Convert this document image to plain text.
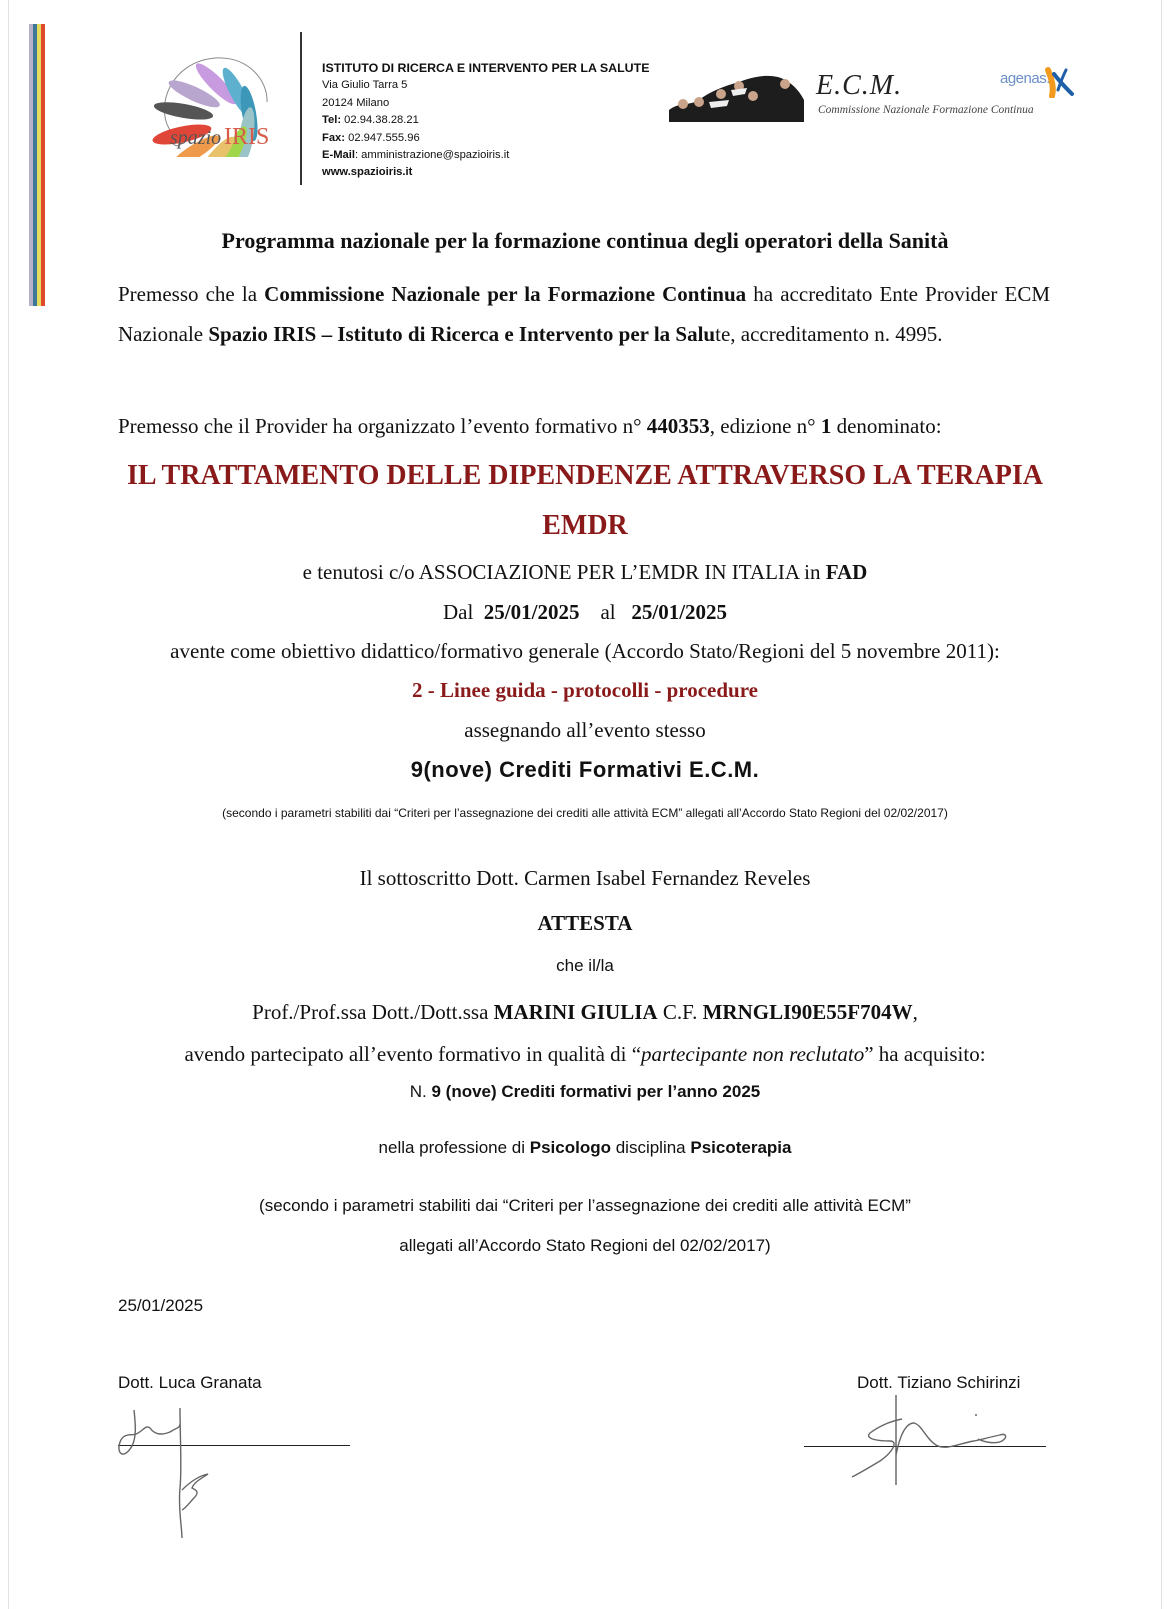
spazio IRIS
ISTITUTO DI RICERCA E INTERVENTO PER LA SALUTE
Via Giulio Tarra 5
20124 Milano
Tel: 02.94.38.28.21
Fax: 02.947.555.96
E-Mail: amministrazione@spazioiris.it
www.spazioiris.it
E.C.M.
Commissione Nazionale Formazione Continua
agenas.
Programma nazionale per la formazione continua degli operatori della Sanità
Premesso che la Commissione Nazionale per la Formazione Continua ha accreditato Ente Provider ECM Nazionale Spazio IRIS – Istituto di Ricerca e Intervento per la Salute, accreditamento n. 4995.
Premesso che il Provider ha organizzato l’evento formativo n° 440353, edizione n° 1 denominato:
IL TRATTAMENTO DELLE DIPENDENZE ATTRAVERSO LA TERAPIA
EMDR
e tenutosi c/o ASSOCIAZIONE PER L’EMDR IN ITALIA in FAD
Dal 25/01/2025 al 25/01/2025
avente come obiettivo didattico/formativo generale (Accordo Stato/Regioni del 5 novembre 2011):
2 - Linee guida - protocolli - procedure
assegnando all’evento stesso
9(nove) Crediti Formativi E.C.M.
(secondo i parametri stabiliti dai “Criteri per l’assegnazione dei crediti alle attività ECM” allegati all’Accordo Stato Regioni del 02/02/2017)
Il sottoscritto Dott. Carmen Isabel Fernandez Reveles
ATTESTA
che il/la
Prof./Prof.ssa Dott./Dott.ssa MARINI GIULIA C.F. MRNGLI90E55F704W,
avendo partecipato all’evento formativo in qualità di “partecipante non reclutato” ha acquisito:
N. 9 (nove) Crediti formativi per l’anno 2025
nella professione di Psicologo disciplina Psicoterapia
(secondo i parametri stabiliti dai “Criteri per l’assegnazione dei crediti alle attività ECM”
allegati all’Accordo Stato Regioni del 02/02/2017)
25/01/2025
Dott. Luca Granata	Dott. Tiziano Schirinzi
